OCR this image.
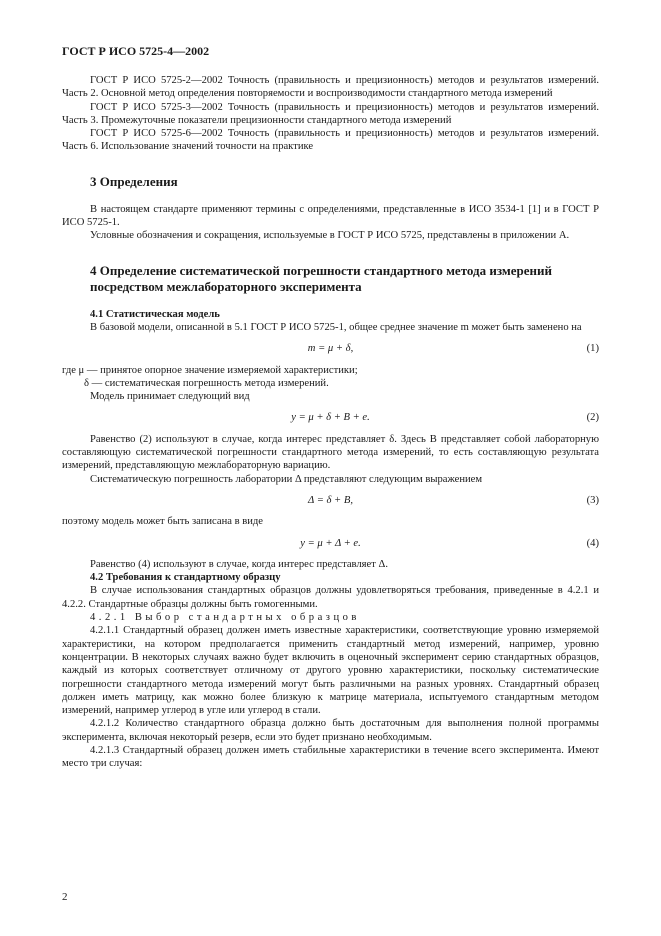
ГОСТ Р ИСО 5725-4—2002

ГОСТ Р ИСО 5725-2—2002 Точность (правильность и прецизионность) методов и результатов измерений. Часть 2. Основной метод определения повторяемости и воспроизводимости стандартного метода измерений

ГОСТ Р ИСО 5725-3—2002 Точность (правильность и прецизионность) методов и результатов измерений. Часть 3. Промежуточные показатели прецизионности стандартного метода измерений

ГОСТ Р ИСО 5725-6—2002 Точность (правильность и прецизионность) методов и результатов измерений. Часть 6. Использование значений точности на практике

3 Определения

В настоящем стандарте применяют термины с определениями, представленные в ИСО 3534-1 [1] и в ГОСТ Р ИСО 5725-1.

Условные обозначения и сокращения, используемые в ГОСТ Р ИСО 5725, представлены в приложении А.

4 Определение систематической погрешности стандартного метода измерений посредством межлабораторного эксперимента
4.1 Статистическая модель

В базовой модели, описанной в 5.1 ГОСТ Р ИСО 5725-1, общее среднее значение m может быть заменено на

m = μ + δ,	(1)

где μ — принятое опорное значение измеряемой характеристики;

δ — систематическая погрешность метода измерений.

Модель принимает следующий вид

y = μ + δ + B + e.	(2)

Равенство (2) используют в случае, когда интерес представляет δ. Здесь B представляет собой лабораторную составляющую систематической погрешности стандартного метода измерений, то есть составляющую результата измерений, представляющую межлабораторную вариацию.

Систематическую погрешность лаборатории Δ представляют следующим выражением

Δ = δ + B,	(3)

поэтому модель может быть записана в виде

y = μ + Δ + e.	(4)

Равенство (4) используют в случае, когда интерес представляет Δ.

4.2 Требования к стандартному образцу

В случае использования стандартных образцов должны удовлетворяться требования, приведенные в 4.2.1 и 4.2.2. Стандартные образцы должны быть гомогенными.

4.2.1 Выбор стандартных образцов

4.2.1.1 Стандартный образец должен иметь известные характеристики, соответствующие уровню измеряемой характеристики, на котором предполагается применить стандартный метод измерений, например, уровню концентрации. В некоторых случаях важно будет включить в оценочный эксперимент серию стандартных образцов, каждый из которых соответствует отличному от другого уровню характеристики, поскольку систематические погрешности стандартного метода измерений могут быть различными на разных уровнях. Стандартный образец должен иметь матрицу, как можно более близкую к матрице материала, испытуемого стандартным методом измерений, например углерод в угле или углерод в стали.

4.2.1.2 Количество стандартного образца должно быть достаточным для выполнения полной программы эксперимента, включая некоторый резерв, если это будет признано необходимым.

4.2.1.3 Стандартный образец должен иметь стабильные характеристики в течение всего эксперимента. Имеют место три случая:

2
